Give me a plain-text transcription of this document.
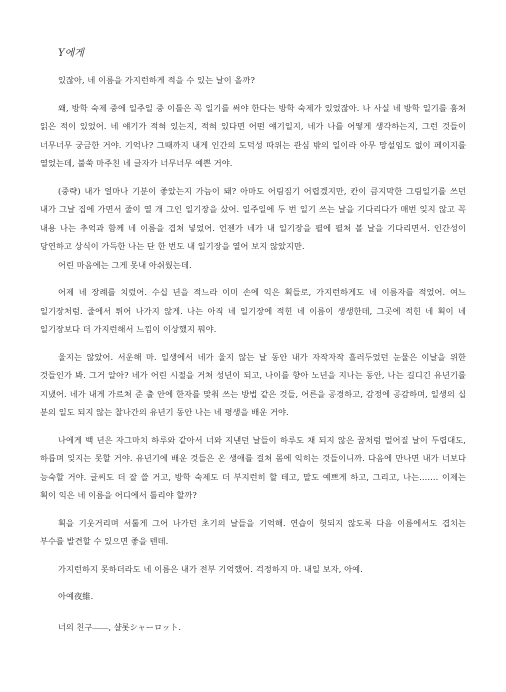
Y에게

있잖아, 네 이름을 가지런하게 적을 수 있는 날이 올까?

왜, 방학 숙제 중에 일주일 중 이틀은 꼭 일기를 써야 한다는 방학 숙제가 있었잖아. 나 사실 네 방학 일기를 훔쳐 읽은 적이 있었어. 네 얘기가 적혀 있는지, 적혀 있다면 어떤 얘기일지, 네가 나를 어떻게 생각하는지, 그런 것들이 너무너무 궁금한 거야. 기억나? 그때까지 내게 인간의 도덕성 따위는 관심 밖의 일이라 아무 망설임도 없이 페이지를 열었는데, 불쑥 마주친 네 글자가 너무너무 예쁜 거야.

(중략) 내가 얼마나 기분이 좋았는지 가늠이 돼? 아마도 어림짐기 어렵겠지만, 칸이 큼지막한 그림일기를 쓰던 내가 그날 집에 가면서 줄이 열 개 그인 일기장을 샀어. 일주일에 두 번 일기 쓰는 날을 기다리다가 매번 잊지 않고 꼭 내용 나는 추억과 함께 네 이름을 겹쳐 넣었어. 언젠가 네가 내 일기장을 펼에 펼쳐 볼 날을 기다리면서. 인간성이 당연하고 상식이 가득한 나는 단 한 번도 내 일기장을 열어 보지 않았지만.

어린 마음에는 그게 못내 아쉬웠는데.

어제 네 장례를 치렀어. 수십 년을 적느라 이미 손에 익은 획들로, 가지런하게도 네 이름자를 적었어. 여느 일기장처럼. 줄에서 튀어 나가지 않게. 나는 아직 네 일기장에 적힌 네 이름이 생생한데, 그곳에 적힌 네 획이 네 일기장보다 더 가지런해서 느낌이 이상했지 뭐야.

울지는 않았어. 서운해 마. 일생에서 네가 울지 않는 날 동안 내가 자작자작 흘러두었던 눈물은 이날을 위한 것들인가 봐. 그거 알아? 네가 어린 시절을 거쳐 성년이 되고, 나이를 향아 노년을 지나는 동안, 나는 길디긴 유년기를 지냈어. 네가 내게 가르쳐 준 출 안에 한자를 맞춰 쓰는 방법 같은 것들, 어른을 공경하고, 감정에 공감하며, 일생의 십 분의 일도 되지 않는 찰나간의 유년기 동안 나는 네 평생을 배운 거야.

나에게 백 년은 자그마치 하루와 같아서 너와 지낸던 날들이 하루도 채 되지 않은 꿈처럼 멀어질 날이 두렵대도, 하릅며 잊지는 못할 거야. 유년기에 배운 것들은 온 생애를 걸쳐 몸에 익히는 것들이니까. 다음에 만나면 내가 너보다 능숙할 거야. 글씨도 더 잘 쓸 거고, 방학 숙제도 더 부지런히 할 테고, 말도 예쁘게 하고, 그리고, 나는……. 이제는 획이 익은 네 이름을 어디에서 틀리야 할까?

획을 기웃거리며 서툴게 그어 나가던 초기의 날들을 기억해. 연습이 헛되지 않도록 다음 이름에서도 겹치는 부수를 발견할 수 있으면 좋을 텐데.

가지런하지 못하더라도 네 이름은 내가 전부 기억했어. 걱정하지 마. 내일 보자, 아예.

아예夜維.

너의 친구──────, 샬롯シャーロット.
